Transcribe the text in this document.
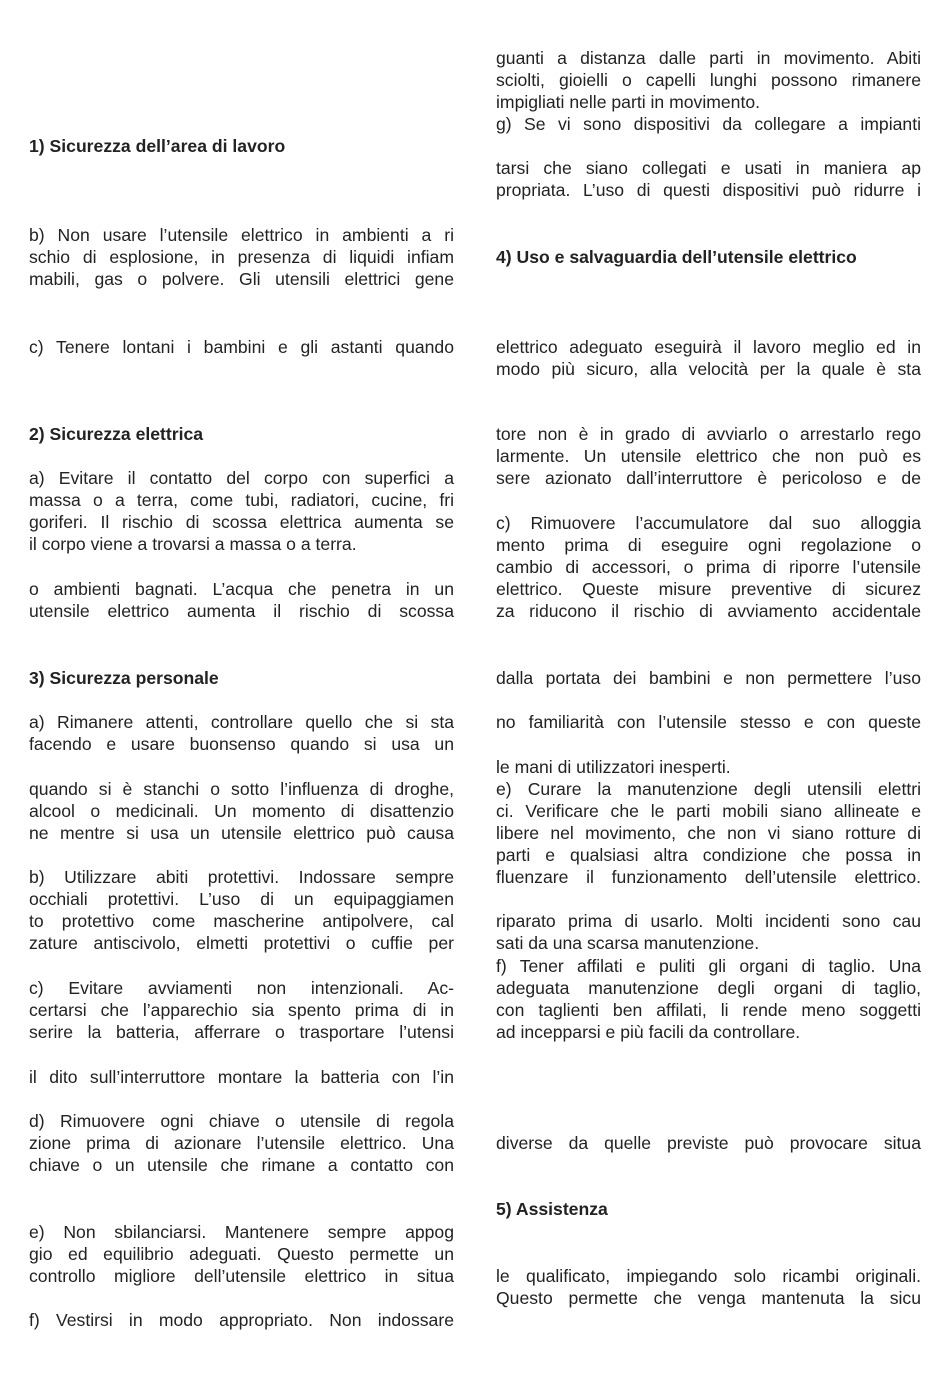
1) Sicurezza dell’area di lavoro
b) Non usare l’utensile elettrico in ambienti a ri
schio di esplosione, in presenza di liquidi infiam
mabili, gas o polvere. Gli utensili elettrici gene
c) Tenere lontani i bambini e gli astanti quando
2) Sicurezza elettrica
a) Evitare il contatto del corpo con superfici a
massa o a terra, come tubi, radiatori, cucine, fri
goriferi. Il rischio di scossa elettrica aumenta se
il corpo viene a trovarsi a massa o a terra.
o ambienti bagnati. L’acqua che penetra in un
utensile elettrico aumenta il rischio di scossa
3) Sicurezza personale
a) Rimanere attenti, controllare quello che si sta
facendo e usare buonsenso quando si usa un
quando si è stanchi o sotto l’influenza di droghe,
alcool o medicinali. Un momento di disattenzio
ne mentre si usa un utensile elettrico può causa
b) Utilizzare abiti protettivi. Indossare sempre
occhiali protettivi. L’uso di un equipaggiamen
to protettivo come mascherine antipolvere, cal
zature antiscivolo, elmetti protettivi o cuffie per
c) Evitare avviamenti non intenzionali. Ac-
certarsi che l’apparechio sia spento prima di in
serire la batteria, afferrare o trasportare l’utensi
il dito sull’interruttore montare la batteria con l’in
d) Rimuovere ogni chiave o utensile di regola
zione prima di azionare l’utensile elettrico. Una
chiave o un utensile che rimane a contatto con
e) Non sbilanciarsi. Mantenere sempre appog
gio ed equilibrio adeguati. Questo permette un
controllo migliore dell’utensile elettrico in situa
f) Vestirsi in modo appropriato. Non indossare
guanti a distanza dalle parti in movimento. Abiti
sciolti, gioielli o capelli lunghi possono rimanere
impigliati nelle parti in movimento.
g) Se vi sono dispositivi da collegare a impianti
tarsi che siano collegati e usati in maniera ap
propriata. L’uso di questi dispositivi può ridurre i
4) Uso e salvaguardia dell’utensile elettrico
elettrico adeguato eseguirà il lavoro meglio ed in
modo più sicuro, alla velocità per la quale è sta
tore non è in grado di avviarlo o arrestarlo rego
larmente. Un utensile elettrico che non può es
sere azionato dall’interruttore è pericoloso e de
c) Rimuovere l’accumulatore dal suo alloggia
mento prima di eseguire ogni regolazione o
cambio di accessori, o prima di riporre l’utensile
elettrico. Queste misure preventive di sicurez
za riducono il rischio di avviamento accidentale
dalla portata dei bambini e non permettere l’uso
no familiarità con l’utensile stesso e con queste
le mani di utilizzatori inesperti.
e) Curare la manutenzione degli utensili elettri
ci. Verificare che le parti mobili siano allineate e
libere nel movimento, che non vi siano rotture di
parti e qualsiasi altra condizione che possa in
fluenzare il funzionamento dell’utensile elettrico.
riparato prima di usarlo. Molti incidenti sono cau
sati da una scarsa manutenzione.
f) Tener affilati e puliti gli organi di taglio. Una
adeguata manutenzione degli organi di taglio,
con taglienti ben affilati, li rende meno soggetti
ad incepparsi e più facili da controllare.
diverse da quelle previste può provocare situa
5) Assistenza
le qualificato, impiegando solo ricambi originali.
Questo permette che venga mantenuta la sicu
